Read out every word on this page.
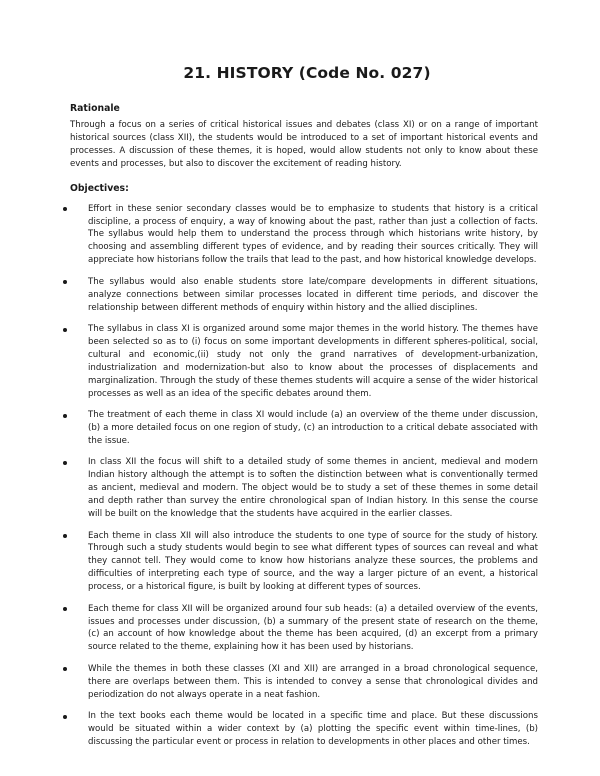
21. HISTORY (Code No. 027)
Rationale
Through a focus on a series of critical historical issues and debates (class XI) or on a range of important historical sources (class XII), the students would be introduced to a set of important historical events and processes. A discussion of these themes, it is hoped, would allow students not only to know about these events and processes, but also to discover the excitement of reading history.
Objectives:
Effort in these senior secondary classes would be to emphasize to students that history is a critical discipline, a process of enquiry, a way of knowing about the past, rather than just a collection of facts. The syllabus would help them to understand the process through which historians write history, by choosing and assembling different types of evidence, and by reading their sources critically. They will appreciate how historians follow the trails that lead to the past, and how historical knowledge develops.
The syllabus would also enable students store late/compare developments in different situations, analyze connections between similar processes located in different time periods, and discover the relationship between different methods of enquiry within history and the allied disciplines.
The syllabus in class XI is organized around some major themes in the world history. The themes have been selected so as to (i) focus on some important developments in different spheres-political, social, cultural and economic,(ii) study not only the grand narratives of development-urbanization, industrialization and modernization-but also to know about the processes of displacements and marginalization. Through the study of these themes students will acquire a sense of the wider historical processes as well as an idea of the specific debates around them.
The treatment of each theme in class XI would include (a) an overview of the theme under discussion, (b) a more detailed focus on one region of study, (c) an introduction to a critical debate associated with the issue.
In class XII the focus will shift to a detailed study of some themes in ancient, medieval and modern Indian history although the attempt is to soften the distinction between what is conventionally termed as ancient, medieval and modern. The object would be to study a set of these themes in some detail and depth rather than survey the entire chronological span of Indian history. In this sense the course will be built on the knowledge that the students have acquired in the earlier classes.
Each theme in class XII will also introduce the students to one type of source for the study of history. Through such a study students would begin to see what different types of sources can reveal and what they cannot tell. They would come to know how historians analyze these sources, the problems and difficulties of interpreting each type of source, and the way a larger picture of an event, a historical process, or a historical figure, is built by looking at different types of sources.
Each theme for class XII will be organized around four sub heads: (a) a detailed overview of the events, issues and processes under discussion, (b) a summary of the present state of research on the theme, (c) an account of how knowledge about the theme has been acquired, (d) an excerpt from a primary source related to the theme, explaining how it has been used by historians.
While the themes in both these classes (XI and XII) are arranged in a broad chronological sequence, there are overlaps between them. This is intended to convey a sense that chronological divides and periodization do not always operate in a neat fashion.
In the text books each theme would be located in a specific time and place. But these discussions would be situated within a wider context by (a) plotting the specific event within time-lines, (b) discussing the particular event or process in relation to developments in other places and other times.
